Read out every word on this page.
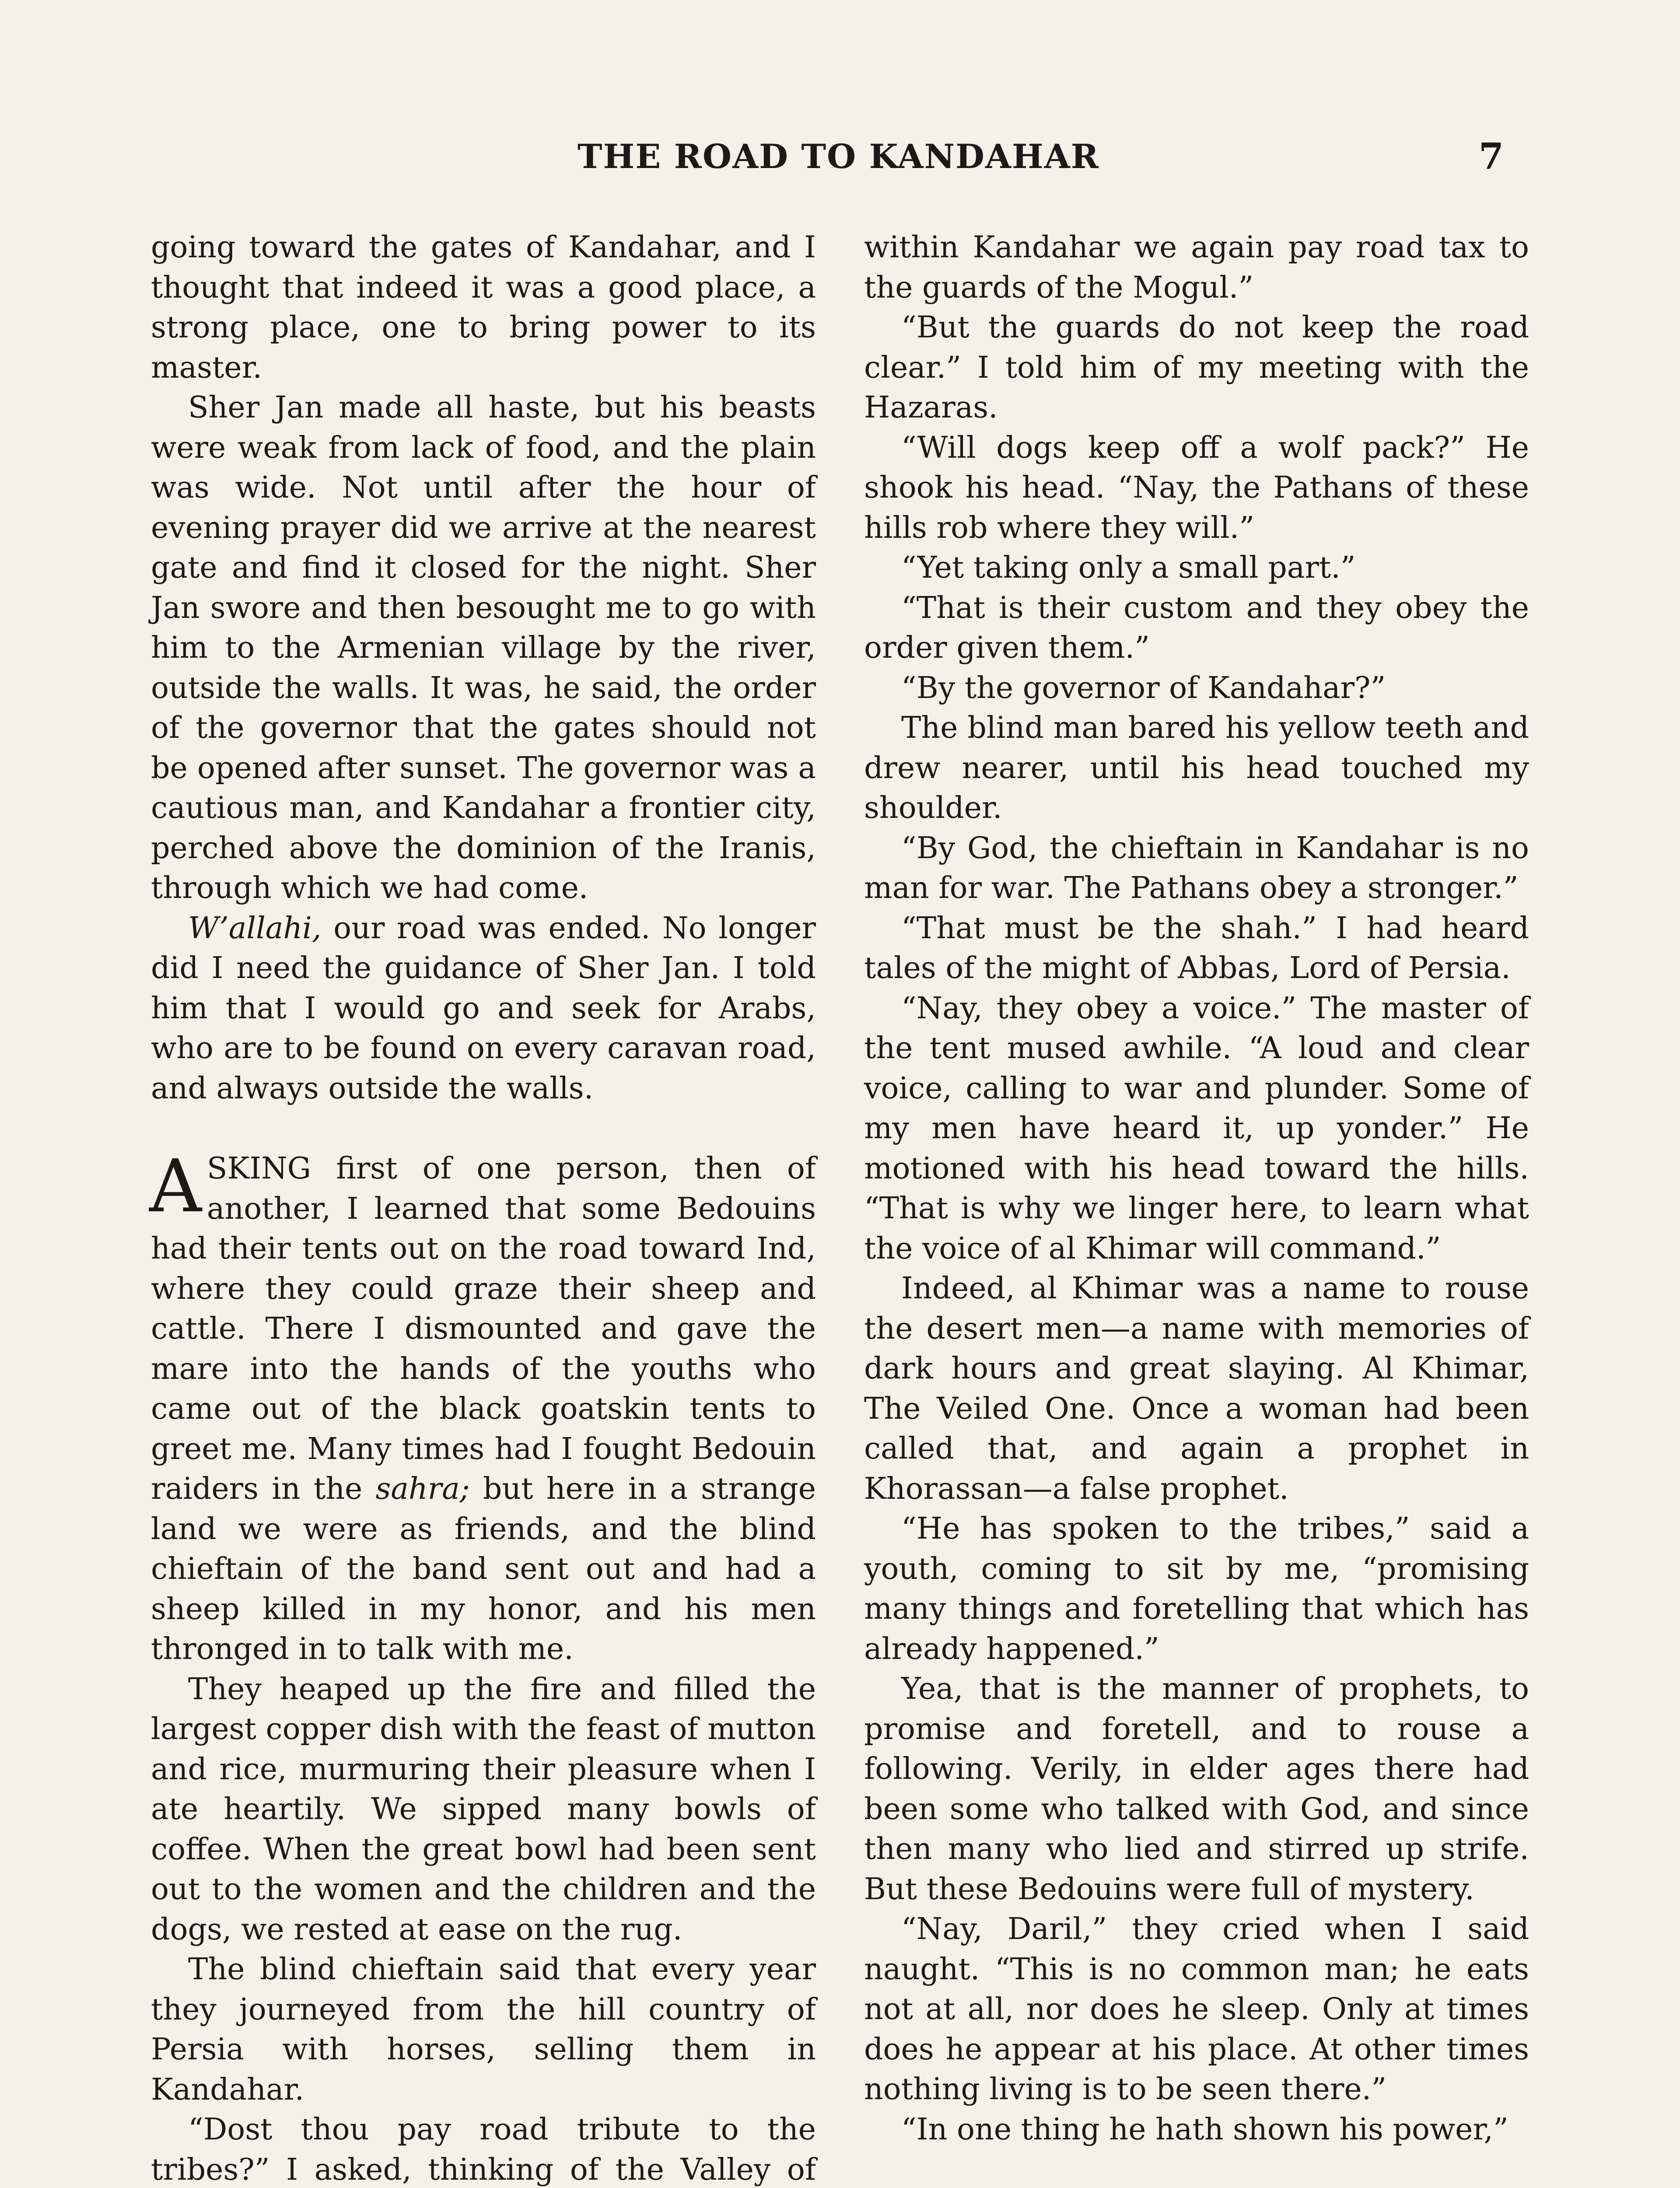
THE ROAD TO KANDAHAR	7

going toward the gates of Kandahar, and I thought that indeed it was a good place, a strong place, one to bring power to its master.

Sher Jan made all haste, but his beasts were weak from lack of food, and the plain was wide. Not until after the hour of evening prayer did we arrive at the nearest gate and find it closed for the night. Sher Jan swore and then besought me to go with him to the Armenian village by the river, outside the walls. It was, he said, the order of the governor that the gates should not be opened after sunset. The governor was a cautious man, and Kandahar a frontier city, perched above the dominion of the Iranis, through which we had come.

W’allahi, our road was ended. No longer did I need the guidance of Sher Jan. I told him that I would go and seek for Arabs, who are to be found on every caravan road, and always outside the walls.

ASKING first of one person, then of another, I learned that some Bedouins had their tents out on the road toward Ind, where they could graze their sheep and cattle. There I dismounted and gave the mare into the hands of the youths who came out of the black goatskin tents to greet me. Many times had I fought Bedouin raiders in the sahra; but here in a strange land we were as friends, and the blind chieftain of the band sent out and had a sheep killed in my honor, and his men thronged in to talk with me.

They heaped up the fire and filled the largest copper dish with the feast of mutton and rice, murmuring their pleasure when I ate heartily. We sipped many bowls of coffee. When the great bowl had been sent out to the women and the children and the dogs, we rested at ease on the rug.

The blind chieftain said that every year they journeyed from the hill country of Persia with horses, selling them in Kandahar.

“Dost thou pay road tribute to the tribes?” I asked, thinking of the Valley of

within Kandahar we again pay road tax to the guards of the Mogul.”

“But the guards do not keep the road clear.” I told him of my meeting with the Hazaras.

“Will dogs keep off a wolf pack?” He shook his head. “Nay, the Pathans of these hills rob where they will.”

“Yet taking only a small part.”

“That is their custom and they obey the order given them.”

“By the governor of Kandahar?”

The blind man bared his yellow teeth and drew nearer, until his head touched my shoulder.

“By God, the chieftain in Kandahar is no man for war. The Pathans obey a stronger.”

“That must be the shah.” I had heard tales of the might of Abbas, Lord of Persia.

“Nay, they obey a voice.” The master of the tent mused awhile. “A loud and clear voice, calling to war and plunder. Some of my men have heard it, up yonder.” He motioned with his head toward the hills. “That is why we linger here, to learn what the voice of al Khimar will command.”

Indeed, al Khimar was a name to rouse the desert men—a name with memories of dark hours and great slaying. Al Khimar, The Veiled One. Once a woman had been called that, and again a prophet in Khorassan—a false prophet.

“He has spoken to the tribes,” said a youth, coming to sit by me, “promising many things and foretelling that which has already happened.”

Yea, that is the manner of prophets, to promise and foretell, and to rouse a following. Verily, in elder ages there had been some who talked with God, and since then many who lied and stirred up strife. But these Bedouins were full of mystery.

“Nay, Daril,” they cried when I said naught. “This is no common man; he eats not at all, nor does he sleep. Only at times does he appear at his place. At other times nothing living is to be seen there.”

“In one thing he hath shown his power,”
